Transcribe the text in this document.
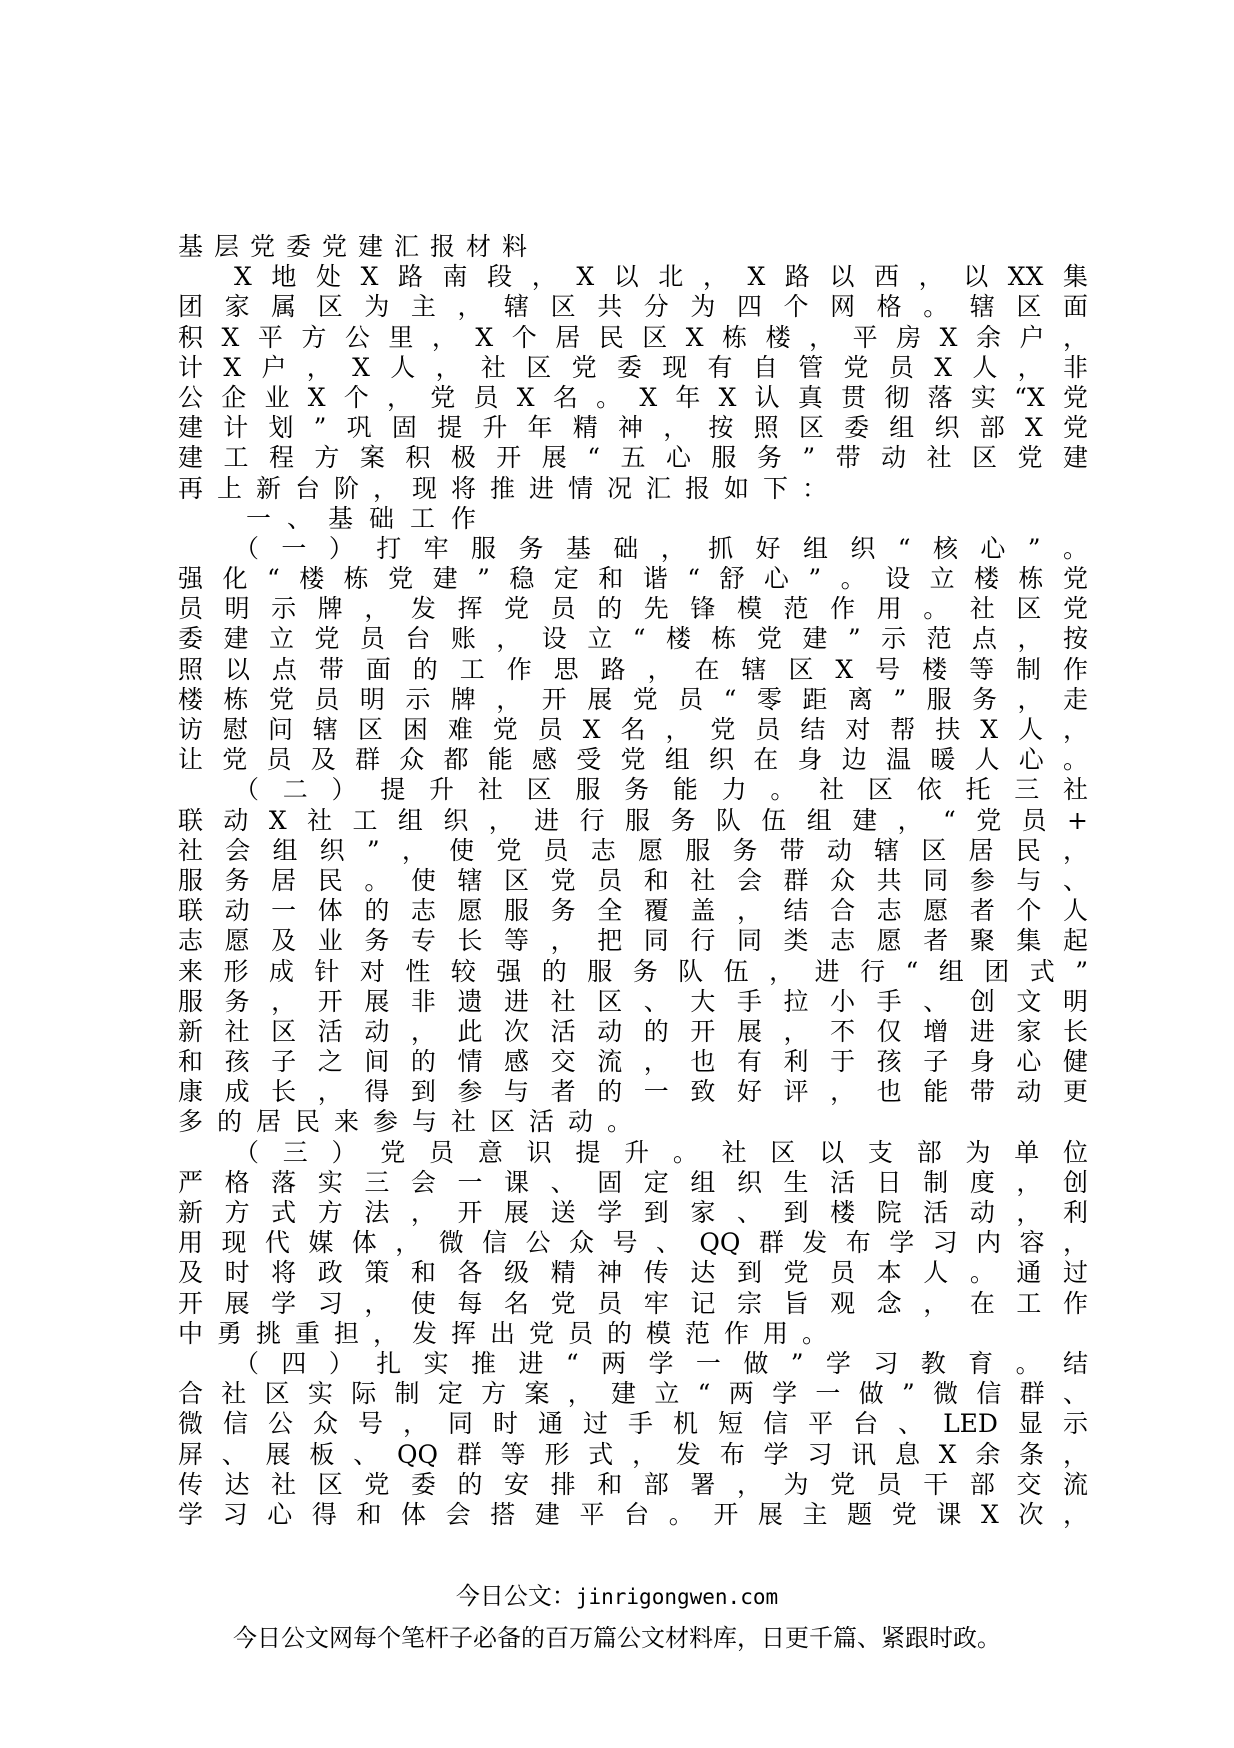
基层党委党建汇报材料
X地处X路南段，X以北，X路以西，以XX集
团家属区为主，辖区共分为四个网格。辖区面
积X平方公里，X个居民区X栋楼，平房X余户，
计X户，X人，社区党委现有自管党员X人，非
公企业X个，党员X名。X年X认真贯彻落实“X党
建计划”巩固提升年精神，按照区委组织部X党
建工程方案积极开展“五心服务”带动社区党建
再上新台阶，现将推进情况汇报如下：
一、基础工作
（一）打牢服务基础，抓好组织“核心”。
强化“楼栋党建”稳定和谐“舒心”。设立楼栋党
员明示牌，发挥党员的先锋模范作用。社区党
委建立党员台账，设立“楼栋党建”示范点，按
照以点带面的工作思路，在辖区X号楼等制作
楼栋党员明示牌，开展党员“零距离”服务，走
访慰问辖区困难党员X名，党员结对帮扶X人，
让党员及群众都能感受党组织在身边温暖人心。
（二）提升社区服务能力。社区依托三社
联动X社工组织，进行服务队伍组建，“党员+
社会组织”，使党员志愿服务带动辖区居民，
服务居民。使辖区党员和社会群众共同参与、
联动一体的志愿服务全覆盖，结合志愿者个人
志愿及业务专长等，把同行同类志愿者聚集起
来形成针对性较强的服务队伍，进行“组团式”
服务，开展非遗进社区、大手拉小手、创文明
新社区活动，此次活动的开展，不仅增进家长
和孩子之间的情感交流，也有利于孩子身心健
康成长，得到参与者的一致好评，也能带动更
多的居民来参与社区活动。
（三）党员意识提升。社区以支部为单位
严格落实三会一课、固定组织生活日制度，创
新方式方法，开展送学到家、到楼院活动，利
用现代媒体，微信公众号、QQ群发布学习内容，
及时将政策和各级精神传达到党员本人。通过
开展学习，使每名党员牢记宗旨观念，在工作
中勇挑重担，发挥出党员的模范作用。
（四）扎实推进“两学一做”学习教育。结
合社区实际制定方案，建立“两学一做”微信群、
微信公众号，同时通过手机短信平台、LED显示
屏、展板、QQ群等形式，发布学习讯息X余条，
传达社区党委的安排和部署，为党员干部交流
学习心得和体会搭建平台。开展主题党课X次，
今日公文：jinrigongwen.com
今日公文网每个笔杆子必备的百万篇公文材料库，日更千篇、紧跟时政。
